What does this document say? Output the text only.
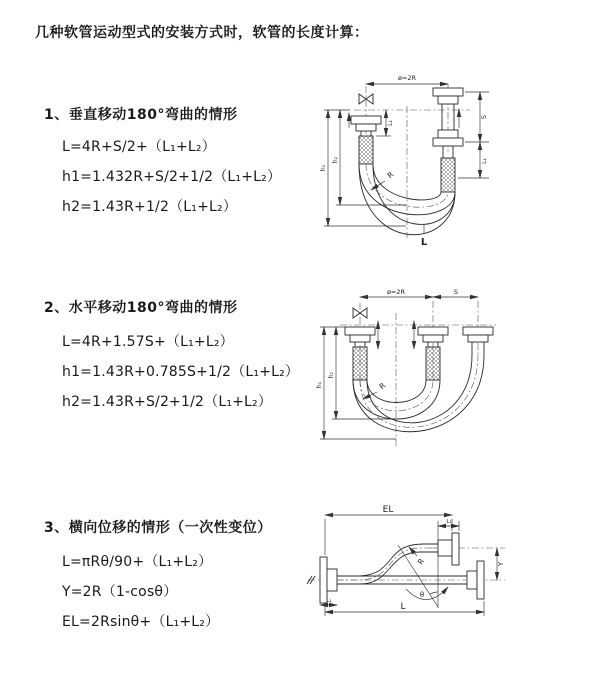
几种软管运动型式的安装方式时，软管的长度计算：
1、垂直移动180°弯曲的情形
L=4R+S/2+（L₁+L₂）
h1=1.432R+S/2+1/2（L₁+L₂）
h2=1.43R+1/2（L₁+L₂）
2、水平移动180°弯曲的情形
L=4R+1.57S+（L₁+L₂）
h1=1.43R+0.785S+1/2（L₁+L₂）
h2=1.43R+S/2+1/2（L₁+L₂）
3、横向位移的情形（一次性变位）
L=πRθ/90+（L₁+L₂）
Y=2R（1-cosθ）
EL=2Rsinθ+（L₁+L₂）
ø=2R
L₁
S
L₁
h₁
h₂
L
R
ø=2R	S
h₁
h₂
R
EL
L₁
θ
R
L₁
L
Y
